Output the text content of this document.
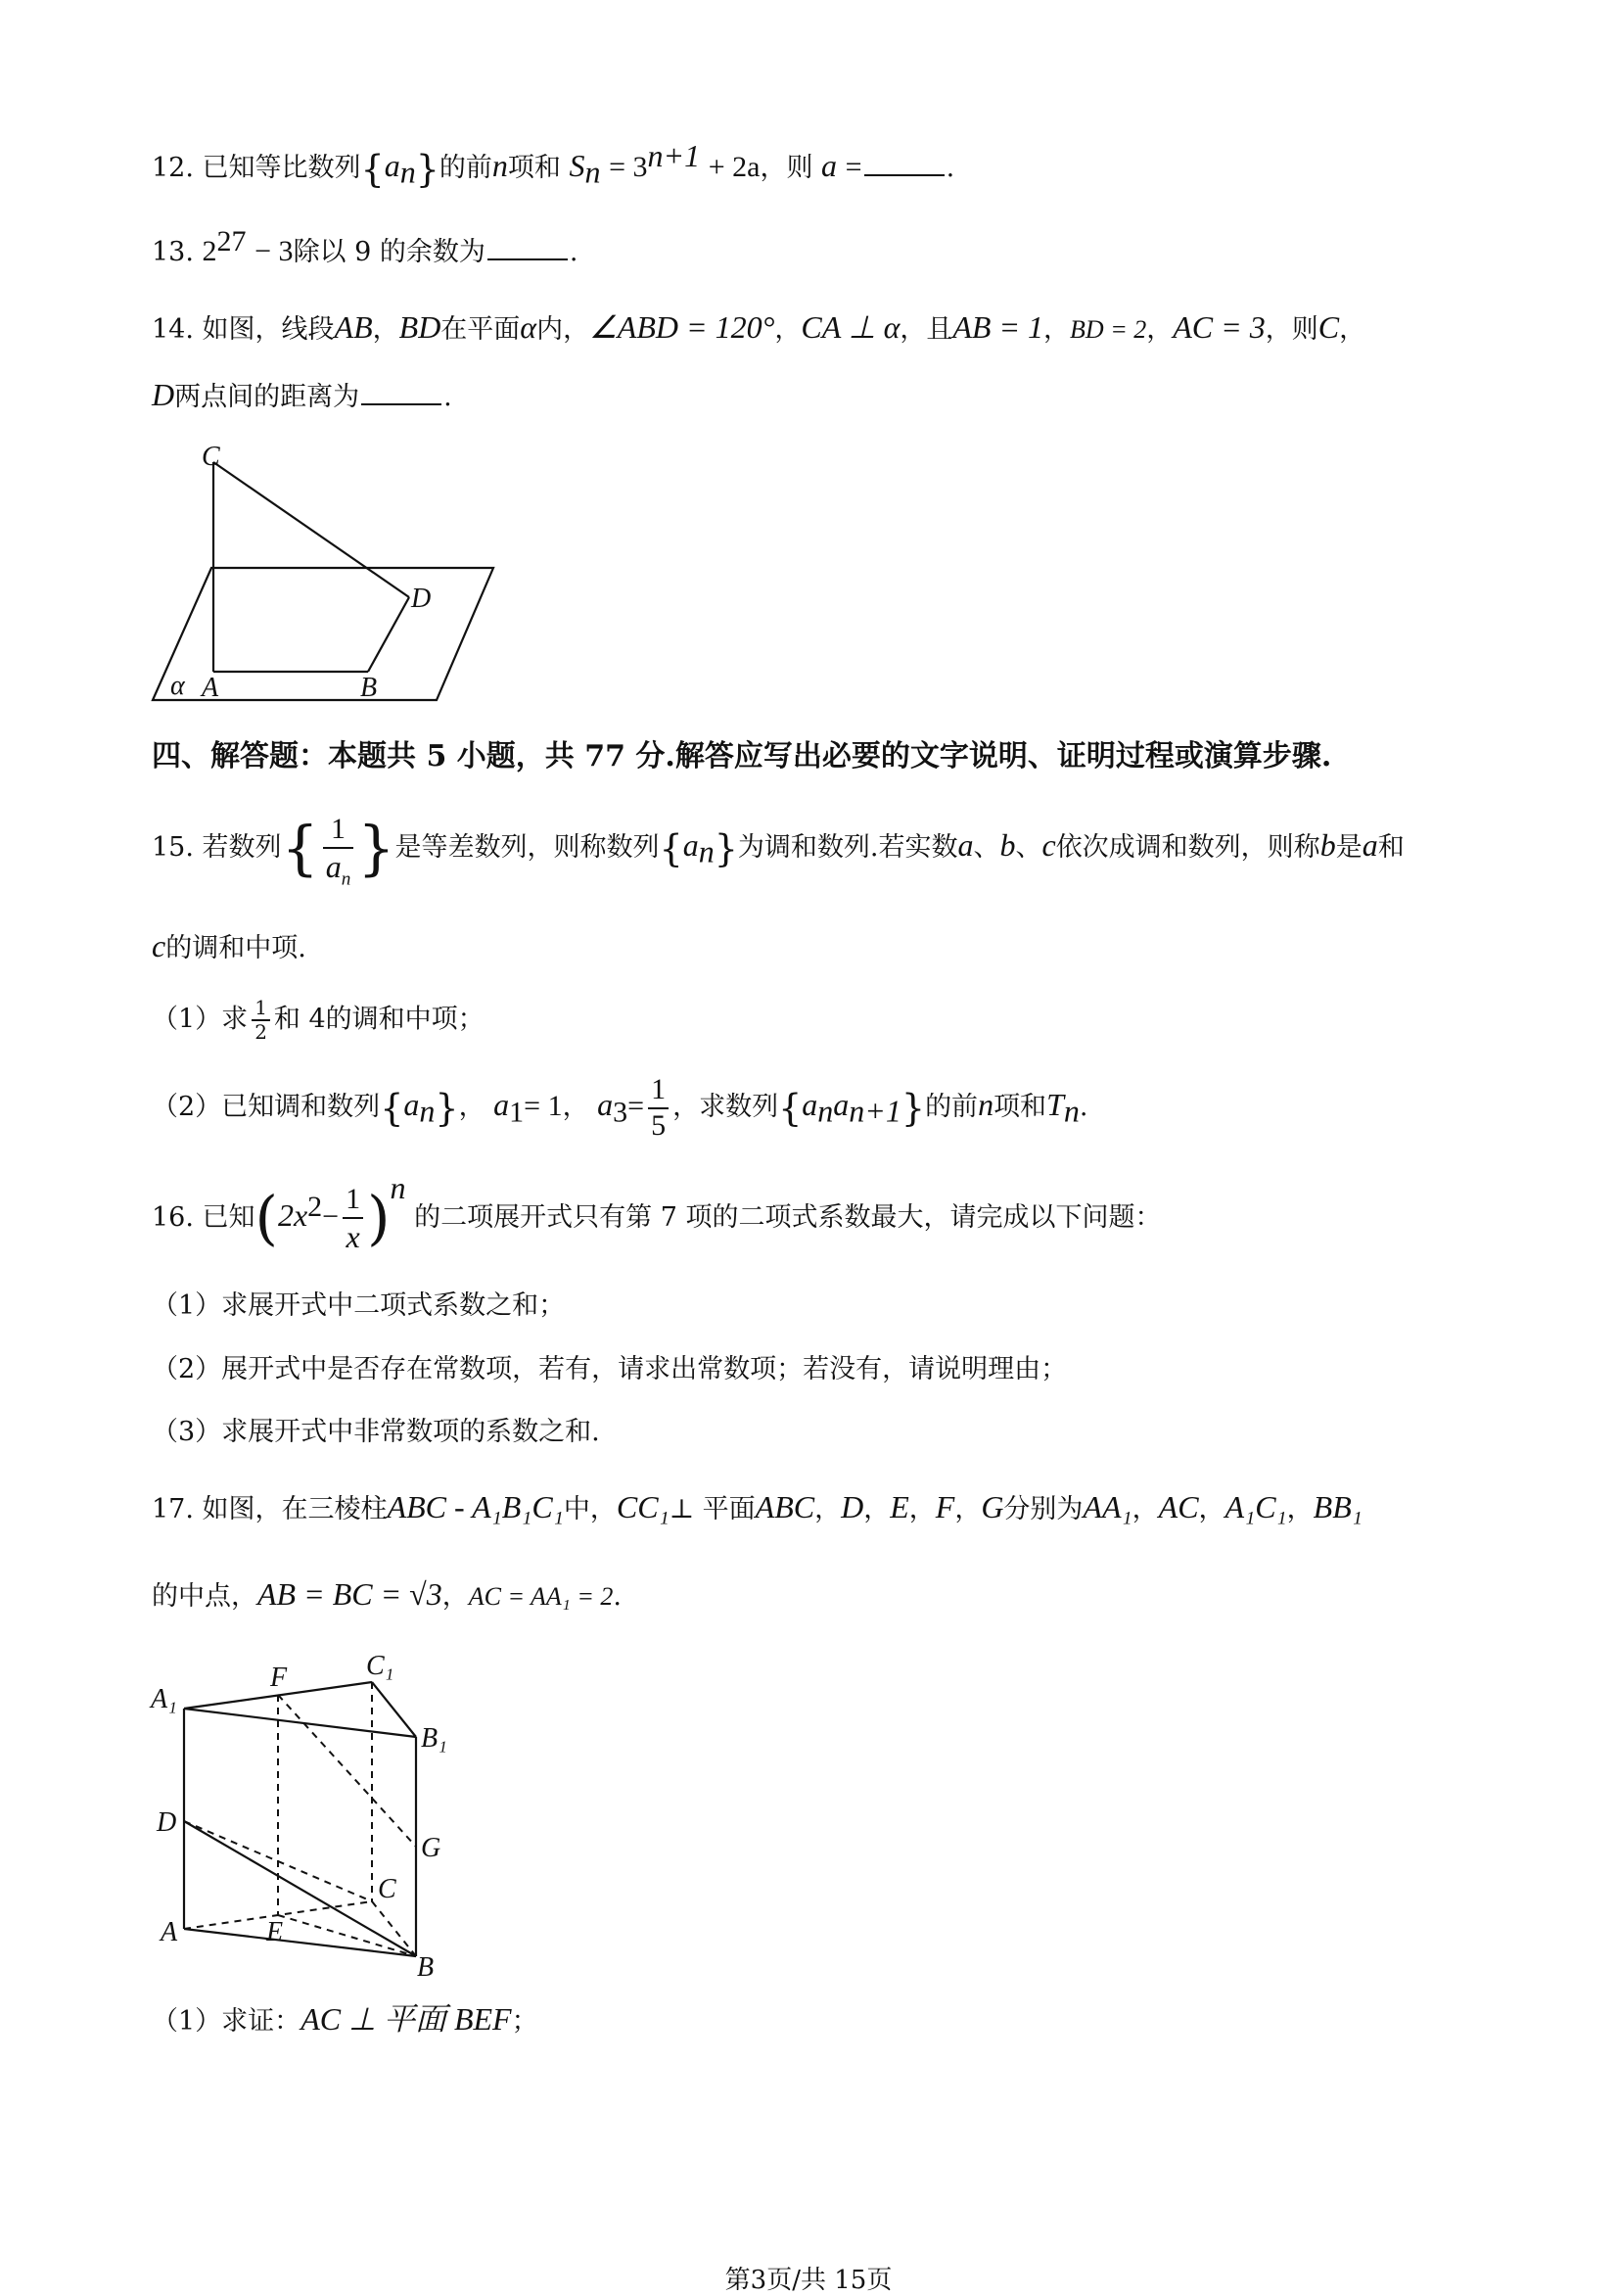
12. 已知等比数列$\{a_n\}$的前n项和 $S_n = 3^{n+1} + 2a$，则 a =	.
13. $2^{27} - 3$除以 9 的余数为	.
14. 如图，线段AB，BD在平面α内，∠ABD = 120°，CA ⊥ α，且AB = 1，BD = 2，AC = 3，则C，
D两点间的距离为	.
C
D
A	B
α
四、解答题：本题共 5 小题，共 77 分.解答应写出必要的文字说明、证明过程或演算步骤.
15. 若数列{ $\frac{1}{a_n}$ }是等差数列，则称数列$\{a_n\}$为调和数列.若实数a、b、c依次成调和数列，则称b是a和
c的调和中项.
（1）求 $\frac{1}{2}$ 和 4的调和中项；
（2）已知调和数列$\{a_n\}$， $a_1= 1$， $a_3= \frac{1}{5}$ ，求数列$\{a_na_{n+1}\}$的前n项和$T_n$.
16. 已知$(2x^2- \frac{1}{x} )^n$ 的二项展开式只有第 7 项的二项式系数最大，请完成以下问题：
（1）求展开式中二项式系数之和；
（2）展开式中是否存在常数项，若有，请求出常数项；若没有，请说明理由；
（3）求展开式中非常数项的系数之和.
17. 如图，在三棱柱ABC - A₁B₁C₁中，CC₁⊥ 平面ABC，D，E，F，G分别为AA₁，AC，A₁C₁，BB₁
的中点，AB = BC = √3，AC = AA₁ = 2.
A₁
F	C₁
B₁
D
G
C
A	E
B
（1）求证：AC ⊥ 平面 BEF；
第3页/共 15页
